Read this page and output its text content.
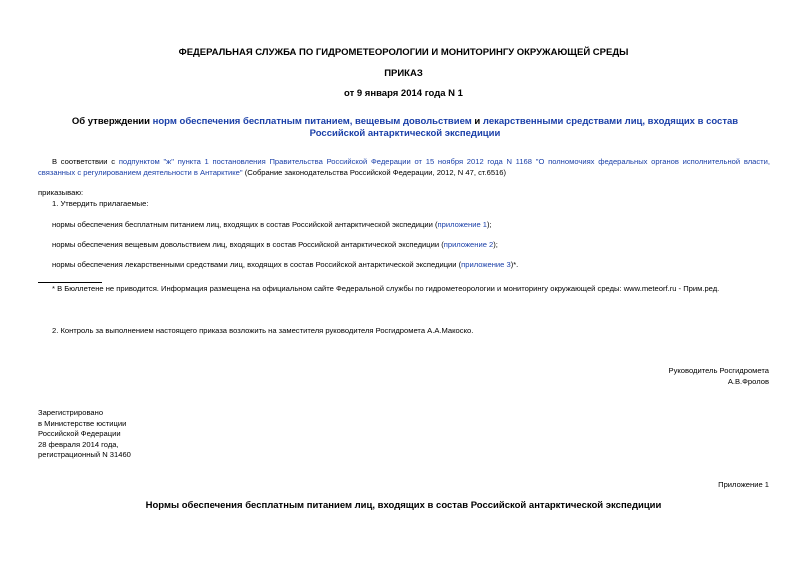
ФЕДЕРАЛЬНАЯ СЛУЖБА ПО ГИДРОМЕТЕОРОЛОГИИ И МОНИТОРИНГУ ОКРУЖАЮЩЕЙ СРЕДЫ
ПРИКАЗ
от 9 января 2014 года N 1
Об утверждении норм обеспечения бесплатным питанием, вещевым довольствием и лекарственными средствами лиц, входящих в состав Российской антарктической экспедиции
В соответствии с подпунктом "ж" пункта 1 постановления Правительства Российской Федерации от 15 ноября 2012 года N 1168 "О полномочиях федеральных органов исполнительной власти, связанных с регулированием деятельности в Антарктике" (Собрание законодательства Российской Федерации, 2012, N 47, ст.6516)
приказываю:
1. Утвердить прилагаемые:
нормы обеспечения бесплатным питанием лиц, входящих в состав Российской антарктической экспедиции (приложение 1);
нормы обеспечения вещевым довольствием лиц, входящих в состав Российской антарктической экспедиции (приложение 2);
нормы обеспечения лекарственными средствами лиц, входящих в состав Российской антарктической экспедиции (приложение 3)*.
* В Бюллетене не приводится. Информация размещена на официальном сайте Федеральной службы по гидрометеорологии и мониторингу окружающей среды: www.meteorf.ru - Прим.ред.
2. Контроль за выполнением настоящего приказа возложить на заместителя руководителя Росгидромета А.А.Макоско.
Руководитель Росгидромета
А.В.Фролов
Зарегистрировано
в Министерстве юстиции
Российской Федерации
28 февраля 2014 года,
регистрационный N 31460
Приложение 1
Нормы обеспечения бесплатным питанием лиц, входящих в состав Российской антарктической экспедиции
